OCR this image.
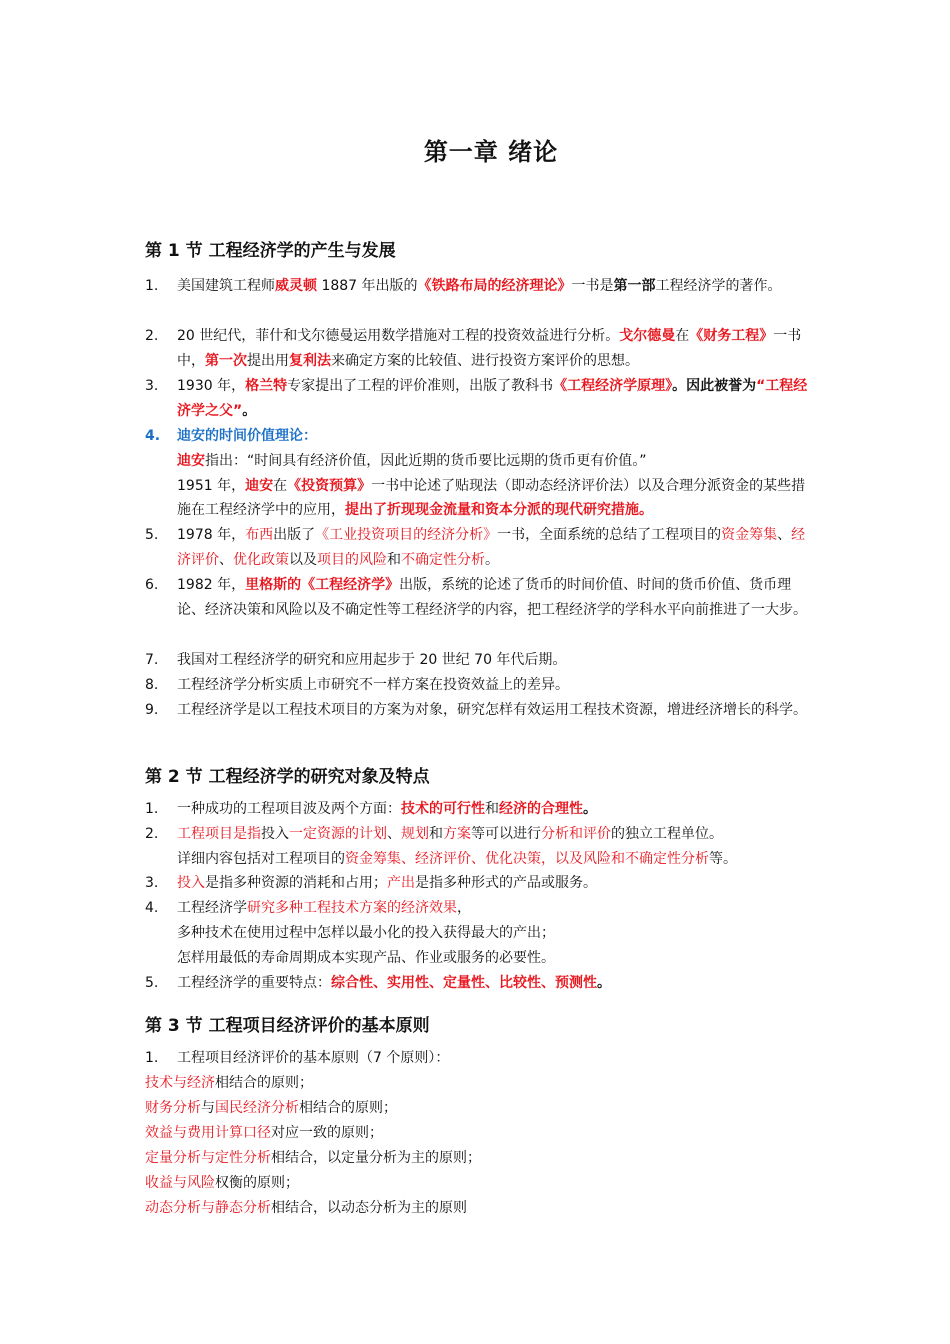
第一章 绪论
第 1 节 工程经济学的产生与发展
1.	美国建筑工程师威灵顿 1887 年出版的《铁路布局的经济理论》一书是第一部工程经济学的著作。
2.	20 世纪代，菲什和戈尔德曼运用数学措施对工程的投资效益进行分析。戈尔德曼在《财务工程》一书中，第一次提出用复利法来确定方案的比较值、进行投资方案评价的思想。
3.	1930 年，格兰特专家提出了工程的评价准则，出版了教科书《工程经济学原理》。因此被誉为“工程经济学之父”。
4.	迪安的时间价值理论：
迪安指出：“时间具有经济价值，因此近期的货币要比远期的货币更有价值。”
1951 年，迪安在《投资预算》一书中论述了贴现法（即动态经济评价法）以及合理分派资金的某些措施在工程经济学中的应用，提出了折现现金流量和资本分派的现代研究措施。
5.	1978 年，布西出版了《工业投资项目的经济分析》一书，全面系统的总结了工程项目的资金筹集、经济评价、优化政策以及项目的风险和不确定性分析。
6.	1982 年，里格斯的《工程经济学》出版，系统的论述了货币的时间价值、时间的货币价值、货币理论、经济决策和风险以及不确定性等工程经济学的内容，把工程经济学的学科水平向前推进了一大步。
7.	我国对工程经济学的研究和应用起步于 20 世纪 70 年代后期。
8.	工程经济学分析实质上市研究不一样方案在投资效益上的差异。
9.	工程经济学是以工程技术项目的方案为对象，研究怎样有效运用工程技术资源，增进经济增长的科学。
第 2 节 工程经济学的研究对象及特点
1.	一种成功的工程项目波及两个方面：技术的可行性和经济的合理性。
2.	工程项目是指投入一定资源的计划、规划和方案等可以进行分析和评价的独立工程单位。
详细内容包括对工程项目的资金筹集、经济评价、优化决策，以及风险和不确定性分析等。
3.	投入是指多种资源的消耗和占用；产出是指多种形式的产品或服务。
4.	工程经济学研究多种工程技术方案的经济效果，
多种技术在使用过程中怎样以最小化的投入获得最大的产出；
怎样用最低的寿命周期成本实现产品、作业或服务的必要性。
5.	工程经济学的重要特点：综合性、实用性、定量性、比较性、预测性。
第 3 节 工程项目经济评价的基本原则
1.	工程项目经济评价的基本原则（7 个原则）：
技术与经济相结合的原则；
财务分析与国民经济分析相结合的原则；
效益与费用计算口径对应一致的原则；
定量分析与定性分析相结合，以定量分析为主的原则；
收益与风险权衡的原则；
动态分析与静态分析相结合，以动态分析为主的原则
